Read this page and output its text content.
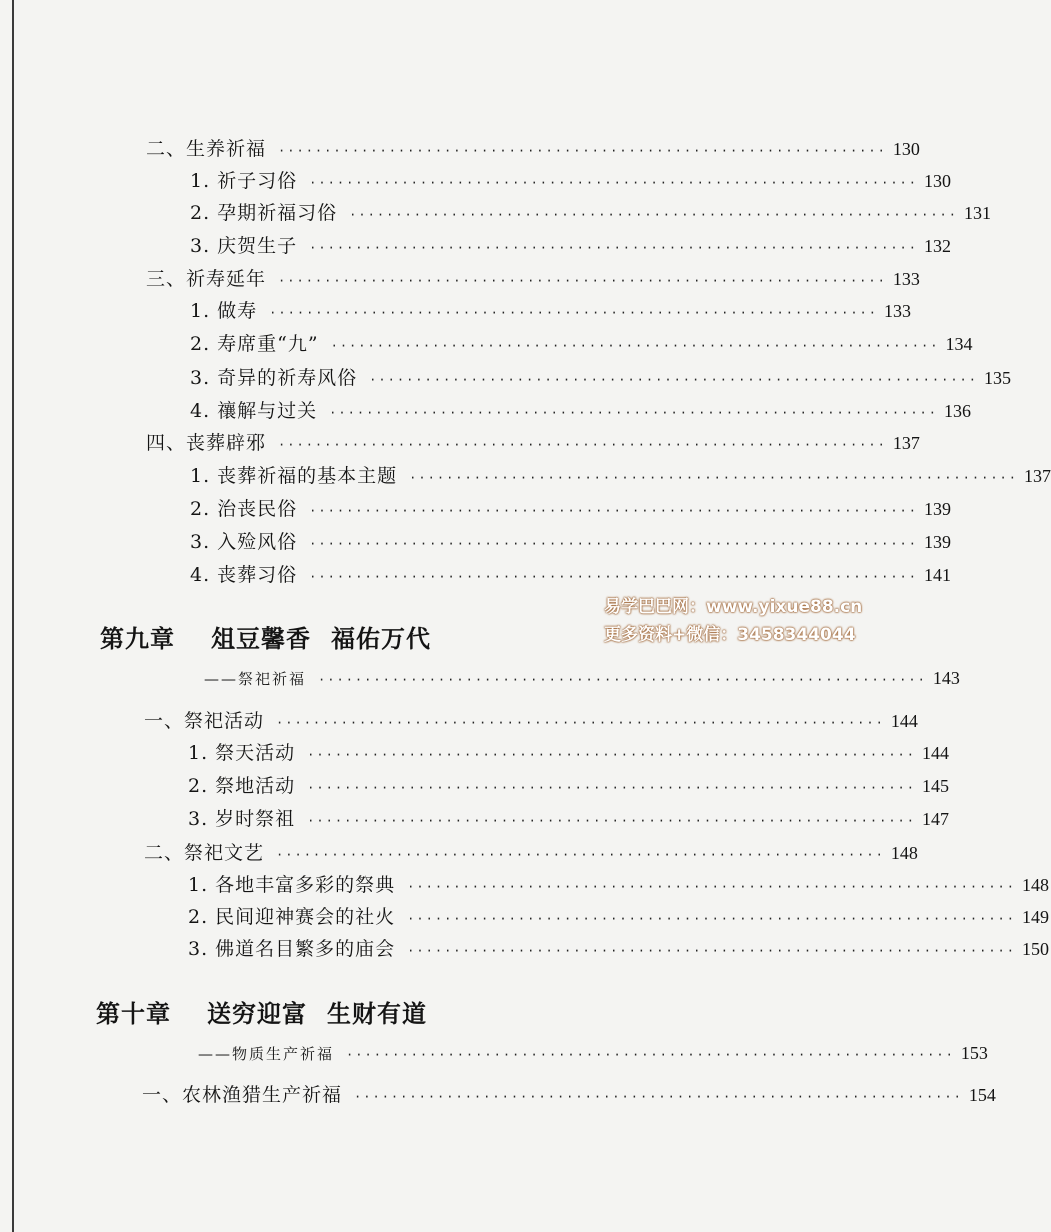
二、生养祈福 ·································································· 130
1. 祈子习俗 ·································································· 130
2. 孕期祈福习俗 ·································································· 131
3. 庆贺生子 ·································································· 132
三、祈寿延年 ·································································· 133
1. 做寿 ·································································· 133
2. 寿席重“九” ·································································· 134
3. 奇异的祈寿风俗 ·································································· 135
4. 禳解与过关 ·································································· 136
四、丧葬辟邪 ·································································· 137
1. 丧葬祈福的基本主题 ·································································· 137
2. 治丧民俗 ·································································· 139
3. 入殓风俗 ·································································· 139
4. 丧葬习俗 ·································································· 141
易学巴巴网：www.yixue88.cn
更多资料+微信：3458344044
第九章 俎豆馨香 福佑万代
——祭祀祈福 ·································································· 143
一、祭祀活动 ·································································· 144
1. 祭天活动 ·································································· 144
2. 祭地活动 ·································································· 145
3. 岁时祭祖 ·································································· 147
二、祭祀文艺 ·································································· 148
1. 各地丰富多彩的祭典 ·································································· 148
2. 民间迎神赛会的社火 ·································································· 149
3. 佛道名目繁多的庙会 ·································································· 150
第十章 送穷迎富 生财有道
——物质生产祈福 ·································································· 153
一、农林渔猎生产祈福 ·································································· 154
